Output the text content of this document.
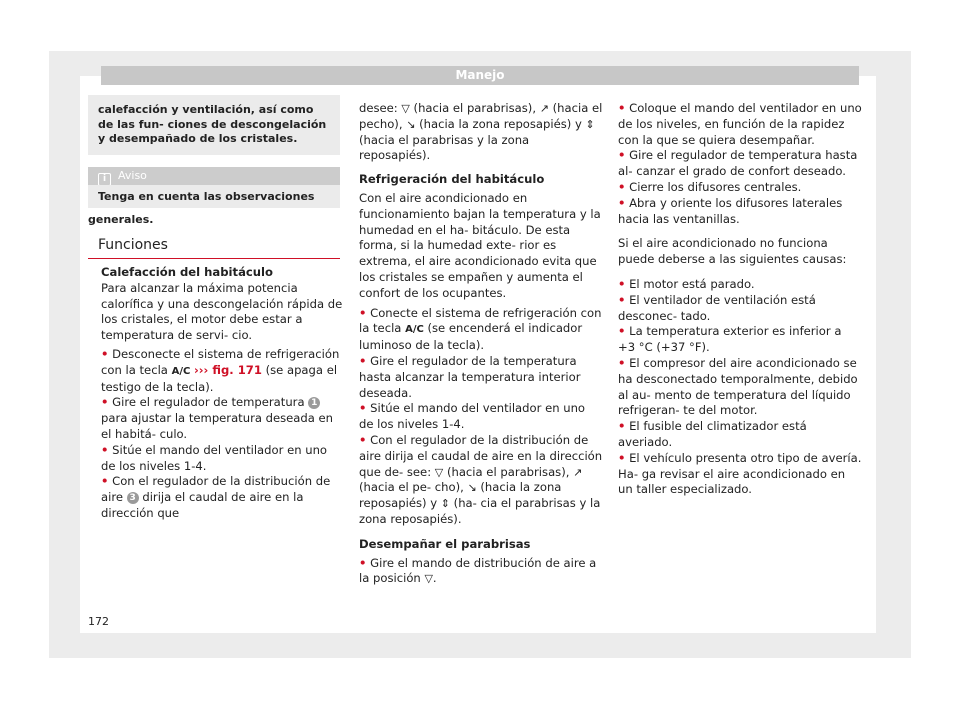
Manejo
calefacción y ventilación, así como de las fun- ciones de descongelación y desempañado de los cristales.
i Aviso
Tenga en cuenta las observaciones generales.
Funciones

Calefacción del habitáculo

Para alcanzar la máxima potencia calorífica y una descongelación rápida de los cristales, el motor debe estar a temperatura de servi- cio.

• Desconecte el sistema de refrigeración con la tecla A/C ››› fig. 171 (se apaga el testigo de la tecla).

• Gire el regulador de temperatura 1 para ajustar la temperatura deseada en el habitá- culo.

• Sitúe el mando del ventilador en uno de los niveles 1-4.

• Con el regulador de la distribución de aire 3 dirija el caudal de aire en la dirección que

desee: ▽ (hacia el parabrisas), ↗ (hacia el pecho), ↘ (hacia la zona reposapiés) y ⇕ (hacia el parabrisas y la zona reposapiés).

Refrigeración del habitáculo

Con el aire acondicionado en funcionamiento bajan la temperatura y la humedad en el ha- bitáculo. De esta forma, si la humedad exte- rior es extrema, el aire acondicionado evita que los cristales se empañen y aumenta el confort de los ocupantes.

• Conecte el sistema de refrigeración con la tecla A/C (se encenderá el indicador luminoso de la tecla).

• Gire el regulador de la temperatura hasta alcanzar la temperatura interior deseada.

• Sitúe el mando del ventilador en uno de los niveles 1-4.

• Con el regulador de la distribución de aire dirija el caudal de aire en la dirección que de- see: ▽ (hacia el parabrisas), ↗ (hacia el pe- cho), ↘ (hacia la zona reposapiés) y ⇕ (ha- cia el parabrisas y la zona reposapiés).

Desempañar el parabrisas

• Gire el mando de distribución de aire a la posición ▽.

• Coloque el mando del ventilador en uno de los niveles, en función de la rapidez con la que se quiera desempañar.

• Gire el regulador de temperatura hasta al- canzar el grado de confort deseado.

• Cierre los difusores centrales.

• Abra y oriente los difusores laterales hacia las ventanillas.

Si el aire acondicionado no funciona puede deberse a las siguientes causas:

• El motor está parado.

• El ventilador de ventilación está desconec- tado.

• La temperatura exterior es inferior a +3 °C (+37 °F).

• El compresor del aire acondicionado se ha desconectado temporalmente, debido al au- mento de temperatura del líquido refrigeran- te del motor.

• El fusible del climatizador está averiado.

• El vehículo presenta otro tipo de avería. Ha- ga revisar el aire acondicionado en un taller especializado.

172
